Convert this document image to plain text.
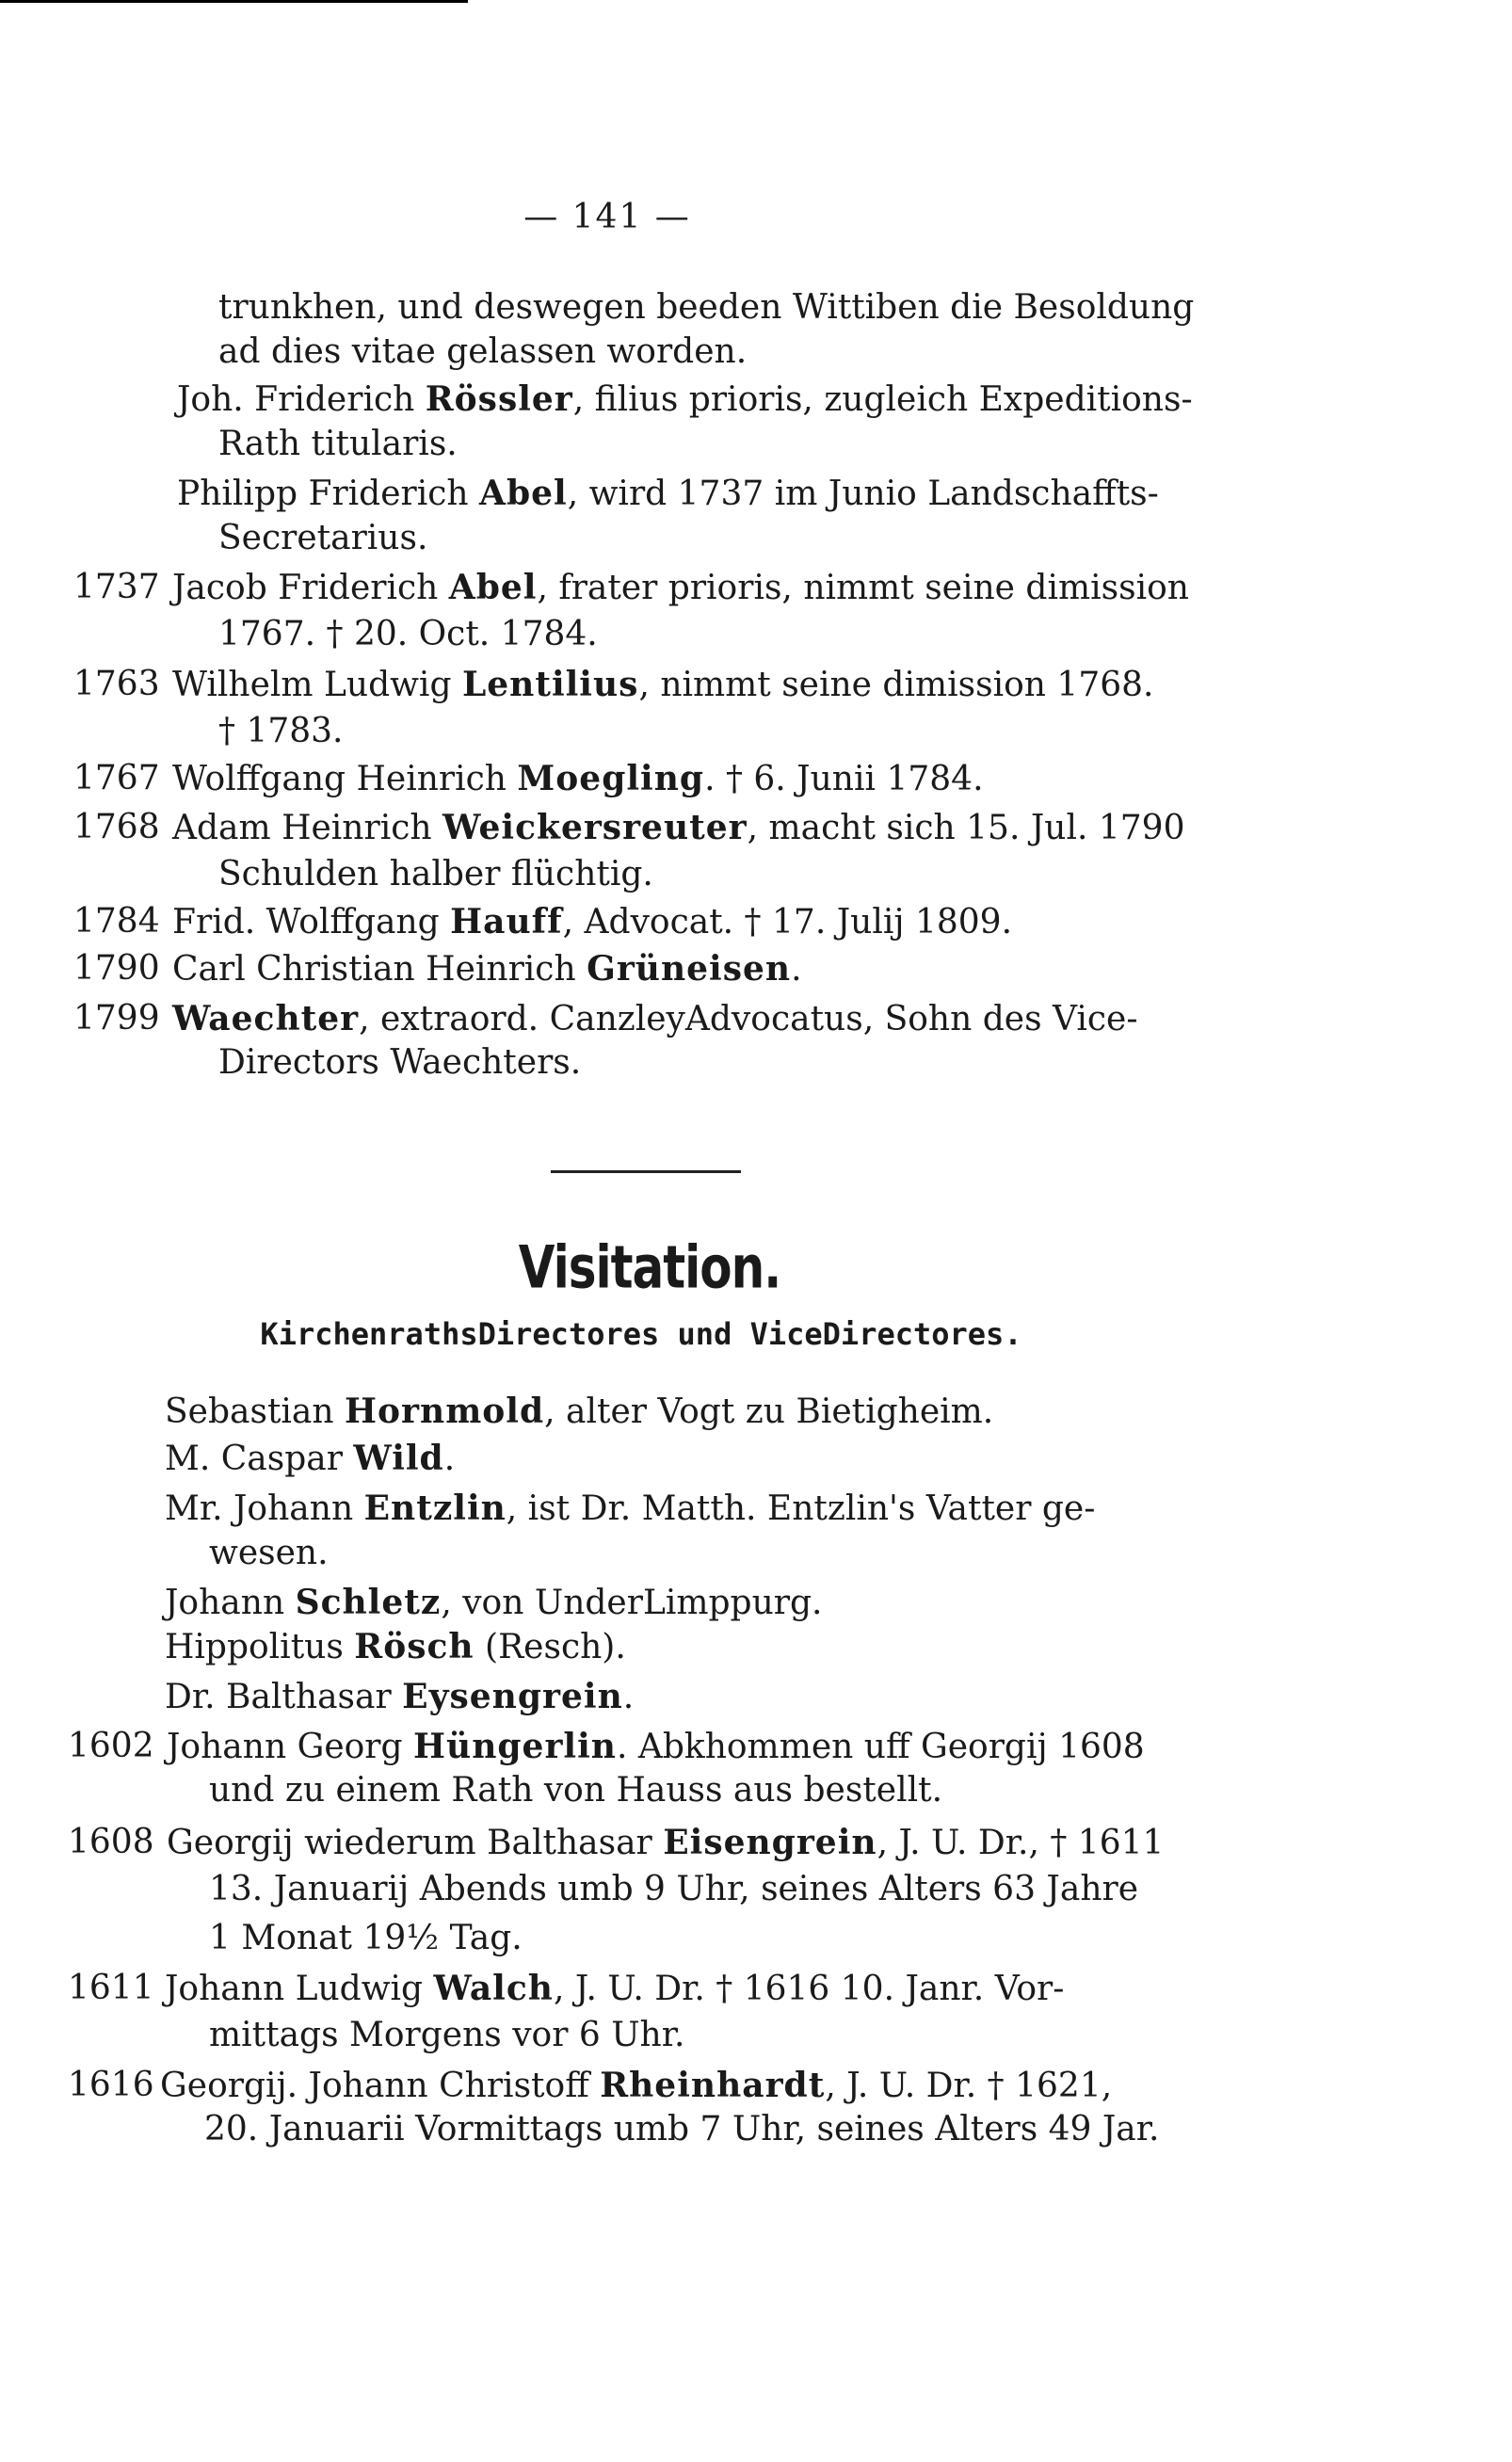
— 141 —
trunkhen, und deswegen beeden Wittiben die Besoldung
ad dies vitae gelassen worden.
Joh. Friderich Rössler, filius prioris, zugleich Expeditions-
Rath titularis.
Philipp Friderich Abel, wird 1737 im Junio Landschaffts-
Secretarius.
1737 Jacob Friderich Abel, frater prioris, nimmt seine dimission
1767. † 20. Oct. 1784.
1763 Wilhelm Ludwig Lentilius, nimmt seine dimission 1768.
† 1783.
1767 Wolffgang Heinrich Moegling. † 6. Junii 1784.
1768 Adam Heinrich Weickersreuter, macht sich 15. Jul. 1790
Schulden halber flüchtig.
1784 Frid. Wolffgang Hauff, Advocat. † 17. Julij 1809.
1790 Carl Christian Heinrich Grüneisen.
1799 Waechter, extraord. CanzleyAdvocatus, Sohn des Vice-
Directors Waechters.
Visitation.
KirchenrathsDirectores und ViceDirectores.
Sebastian Hornmold, alter Vogt zu Bietigheim.
M. Caspar Wild.
Mr. Johann Entzlin, ist Dr. Matth. Entzlin's Vatter ge-
wesen.
Johann Schletz, von UnderLimppurg.
Hippolitus Rösch (Resch).
Dr. Balthasar Eysengrein.
1602 Johann Georg Hüngerlin. Abkhommen uff Georgij 1608
und zu einem Rath von Hauss aus bestellt.
1608 Georgij wiederum Balthasar Eisengrein, J. U. Dr., † 1611
13. Januarij Abends umb 9 Uhr, seines Alters 63 Jahre
1 Monat 19½ Tag.
1611 Johann Ludwig Walch, J. U. Dr. † 1616 10. Janr. Vor-
mittags Morgens vor 6 Uhr.
1616 Georgij. Johann Christoff Rheinhardt, J. U. Dr. † 1621,
20. Januarii Vormittags umb 7 Uhr, seines Alters 49 Jar.
